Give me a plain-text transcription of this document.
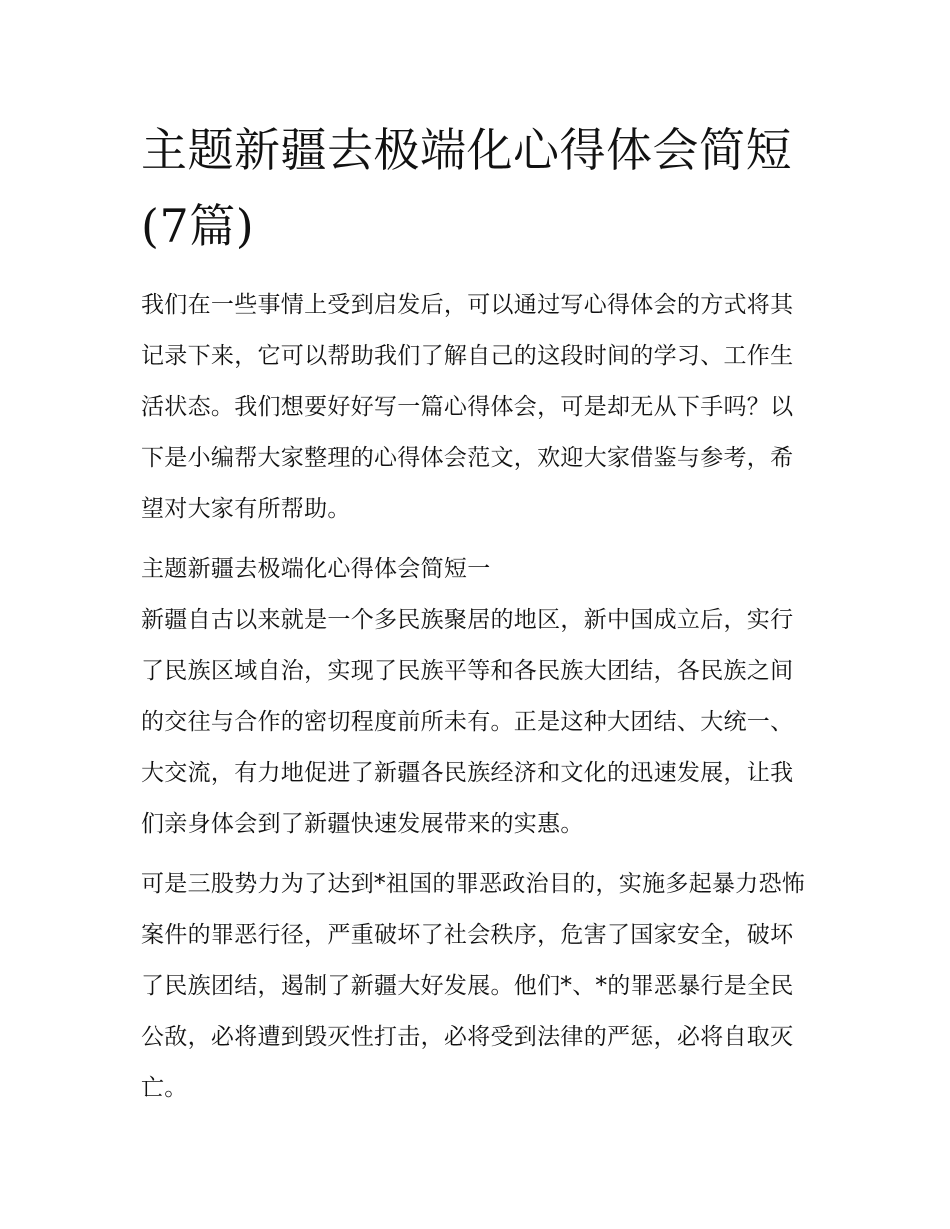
主题新疆去极端化心得体会简短(7篇)

我们在一些事情上受到启发后，可以通过写心得体会的方式将其记录下来，它可以帮助我们了解自己的这段时间的学习、工作生活状态。我们想要好好写一篇心得体会，可是却无从下手吗？以下是小编帮大家整理的心得体会范文，欢迎大家借鉴与参考，希望对大家有所帮助。

主题新疆去极端化心得体会简短一

新疆自古以来就是一个多民族聚居的地区，新中国成立后，实行了民族区域自治，实现了民族平等和各民族大团结，各民族之间的交往与合作的密切程度前所未有。正是这种大团结、大统一、大交流，有力地促进了新疆各民族经济和文化的迅速发展，让我们亲身体会到了新疆快速发展带来的实惠。

可是三股势力为了达到*祖国的罪恶政治目的，实施多起暴力恐怖案件的罪恶行径，严重破坏了社会秩序，危害了国家安全，破坏了民族团结，遏制了新疆大好发展。他们*、*的罪恶暴行是全民公敌，必将遭到毁灭性打击，必将受到法律的严惩，必将自取灭亡。
